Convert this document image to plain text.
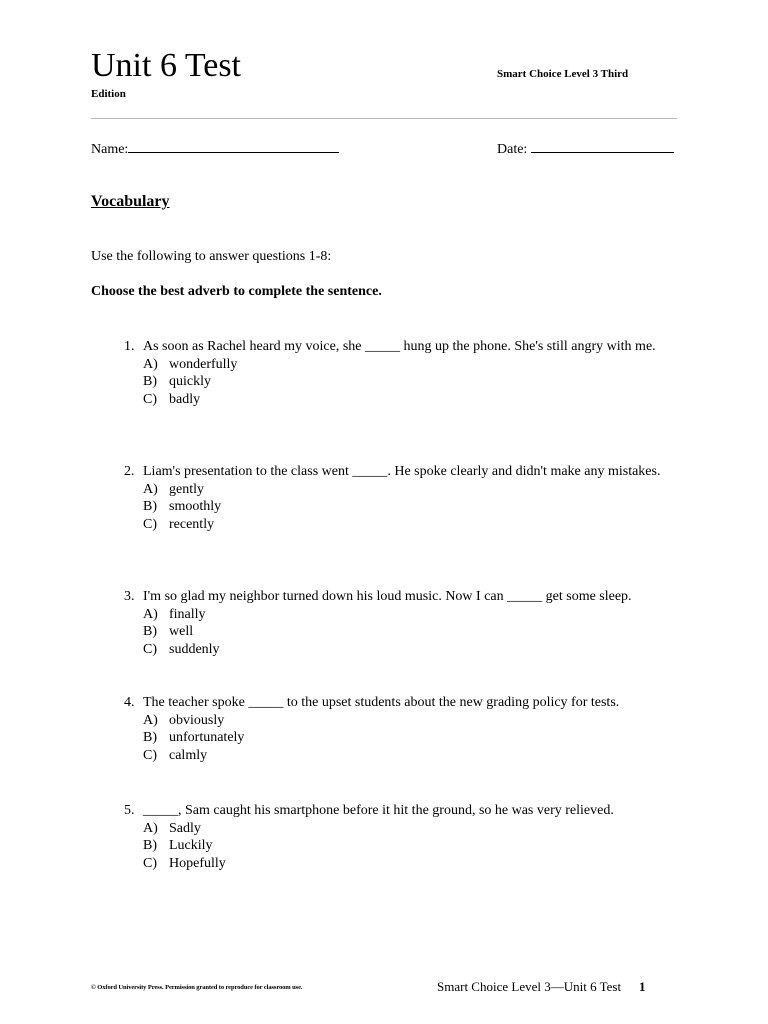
Unit 6 Test	Smart Choice Level 3 Third
Edition
Name:	Date:
Vocabulary
Use the following to answer questions 1-8:
Choose the best adverb to complete the sentence.
1. As soon as Rachel heard my voice, she _____ hung up the phone. She's still angry with me.
A) wonderfully
B) quickly
C) badly
2. Liam's presentation to the class went _____. He spoke clearly and didn't make any mistakes.
A) gently
B) smoothly
C) recently
3. I'm so glad my neighbor turned down his loud music. Now I can _____ get some sleep.
A) finally
B) well
C) suddenly
4. The teacher spoke _____ to the upset students about the new grading policy for tests.
A) obviously
B) unfortunately
C) calmly
5. _____, Sam caught his smartphone before it hit the ground, so he was very relieved.
A) Sadly
B) Luckily
C) Hopefully
© Oxford University Press. Permission granted to reproduce for classroom use.	Smart Choice Level 3—Unit 6 Test 1
